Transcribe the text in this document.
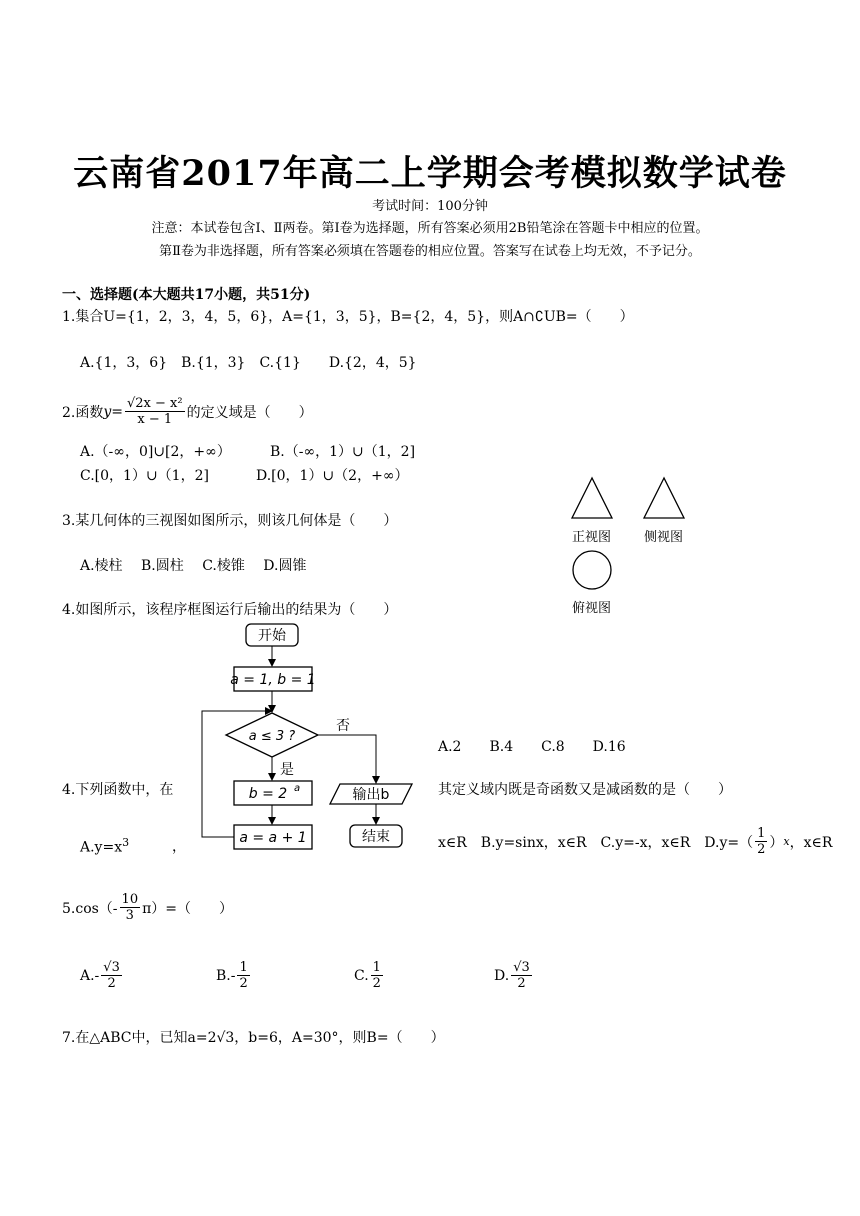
云南省2017年高二上学期会考模拟数学试卷
考试时间：100分钟
注意：本试卷包含Ⅰ、Ⅱ两卷。第Ⅰ卷为选择题，所有答案必须用2B铅笔涂在答题卡中相应的位置。
第Ⅱ卷为非选择题，所有答案必须填在答题卷的相应位置。答案写在试卷上均无效，不予记分。
一、选择题(本大题共17小题，共51分)
1.集合U={1，2，3，4，5，6}，A={1，3，5}，B={2，4，5}，则A∩∁UB=（　　）
A.{1，3，6}　B.{1，3}　C.{1}　　D.{2，4，5}
2.函数 $y= \frac{\text{√2x − x²}}{x - 1}$ 的定义域是（　　）
A.（-∞，0]∪[2，+∞）	B.（-∞，1）∪（1，2]
C.[0，1）∪（1，2]	D.[0，1）∪（2，+∞）
3.某几何体的三视图如图所示，则该几何体是（　　）
A.棱柱　 B.圆柱　 C.棱锥　 D.圆锥
正视图	侧视图
俯视图
4.如图所示，该程序框图运行后输出的结果为（　　）
A.2　　B.4　　C.8　　D.16
开始
a = 1, b = 1
a ≤ 3 ?
否
是
b = 2 a
a = a + 1
输出b
结束
4.下列函数中，在	其定义域内既是奇函数又是减函数的是（　　）
$A.y=x^3$	，	x∈R　B.y=sinx，x∈R　C.y=-x，x∈R　$D.y=( \frac{1}{2}$ ） x ，x∈R
$5.\cos(- \frac{10}{3} \pi)=$（　　）
$A.- \frac{√3}{2}$	$B.- \frac{1}{2}$	C. $\frac{1}{2}$	D. $\frac{√3}{2}$
7.在△ABC中，已知a=2√3，b=6，A=30°，则B=（　　）
